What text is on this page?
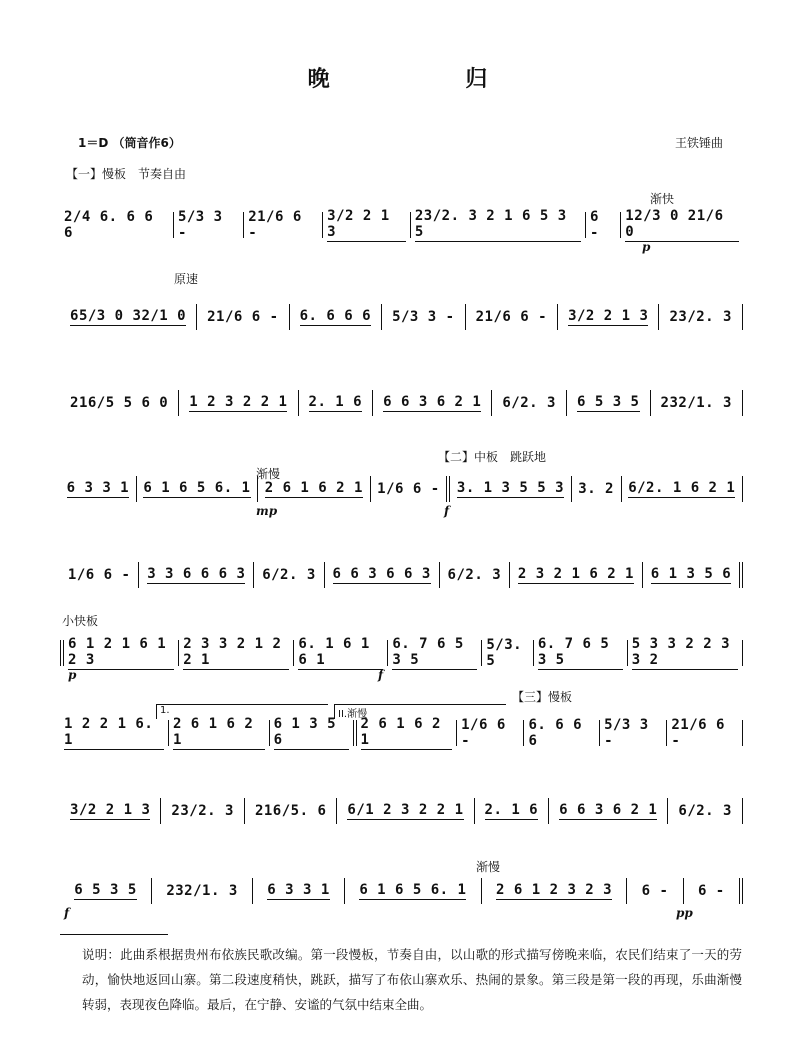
晚 归
1＝D （筒音作6）	王铁锤曲
【一】慢板　节奏自由
渐快
原速
【二】中板　跳跃地
渐慢
小快板
【三】慢板
渐慢
2/4 6. 6 6 6
5/3 3 -
21/6 6 -
3/2 2 1 3
23/2. 3 2 1 6 5 3 5
6 -
12/3 0 21/6 0
p
65/3 0 32/1 0 21/6 6 - 6. 6 6 6 5/3 3 - 21/6 6 - 3/2 2 1 3 23/2. 3
216/5 5 6 0 1 2 3 2 2 1 2. 1 6 6 6 3 6 2 1 6/2. 3 6 5 3 5 232/1. 3
6 3 3 1 6 1 6 5 6. 1 2 6 1 6 2 1 1/6 6 - 3. 1 3 5 5 3 3. 2 6/2. 1 6 2 1
mp	f
1/6 6 - 3 3 6 6 6 3 6/2. 3 6 6 3 6 6 3 6/2. 3 2 3 2 1 6 2 1 6 1 3 5 6
6 1 2 1 6 1 2 3
2 3 3 2 1 2 2 1
6. 1 6 1 6 1
6. 7 6 5 3 5
5/3. 5
6. 7 6 5 3 5
5 3 3 2 2 3 3 2
p	f
1.	II.渐慢
1 2 2 1 6. 1
2 6 1 6 2 1
6 1 3 5 6
2 6 1 6 2 1
1/6 6 -
6. 6 6 6
5/3 3 -
21/6 6 -
3/2 2 1 3 23/2. 3 216/5. 6 6/1 2 3 2 2 1 2. 1 6 6 6 3 6 2 1 6/2. 3
6 5 3 5 232/1. 3 6 3 3 1 6 1 6 5 6. 1 2 6 1 2 3 2 3 6 - 6 -
f	pp
说明：此曲系根据贵州布依族民歌改编。第一段慢板，节奏自由，以山歌的形式描写傍晚来临，农民们结束了一天的劳动，愉快地返回山寨。第二段速度稍快，跳跃，描写了布依山寨欢乐、热闹的景象。第三段是第一段的再现，乐曲渐慢转弱，表现夜色降临。最后，在宁静、安谧的气氛中结束全曲。
